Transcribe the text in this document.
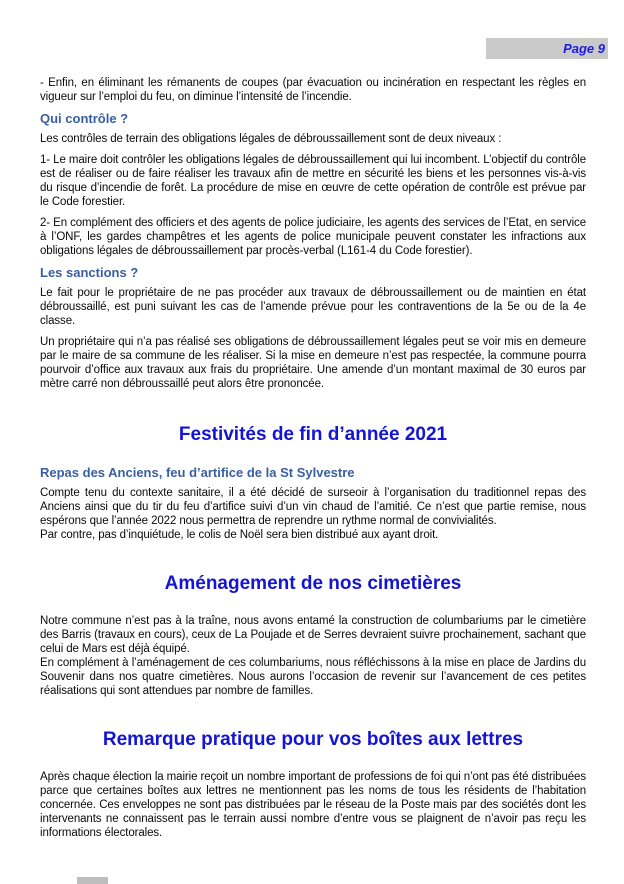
Page 9

- Enfin, en éliminant les rémanents de coupes (par évacuation ou incinération en respectant les règles en vigueur sur l’emploi du feu, on diminue l’intensité de l’incendie.

Qui contrôle ?

Les contrôles de terrain des obligations légales de débroussaillement sont de deux niveaux :

1- Le maire doit contrôler les obligations légales de débroussaillement qui lui incombent. L’objectif du contrôle est de réaliser ou de faire réaliser les travaux afin de mettre en sécurité les biens et les personnes vis-à-vis du risque d’incendie de forêt. La procédure de mise en œuvre de cette opération de contrôle est prévue par le Code forestier.

2- En complément des officiers et des agents de police judiciaire, les agents des services de l’Etat, en service à l’ONF, les gardes champêtres et les agents de police municipale peuvent constater les infractions aux obligations légales de débroussaillement par procès-verbal (L161-4 du Code forestier).

Les sanctions ?

Le fait pour le propriétaire de ne pas procéder aux travaux de débroussaillement ou de maintien en état débroussaillé, est puni suivant les cas de l’amende prévue pour les contraventions de la 5e ou de la 4e classe.

Un propriétaire qui n’a pas réalisé ses obligations de débroussaillement légales peut se voir mis en demeure par le maire de sa commune de les réaliser. Si la mise en demeure n’est pas respectée, la commune pourra pourvoir d’office aux travaux aux frais du propriétaire. Une amende d’un montant maximal de 30 euros par mètre carré non débroussaillé peut alors être prononcée.

Festivités de fin d’année 2021
Repas des Anciens, feu d’artifice de la St Sylvestre

Compte tenu du contexte sanitaire, il a été décidé de surseoir à l’organisation du traditionnel repas des Anciens ainsi que du tir du feu d’artifice suivi d’un vin chaud de l’amitié. Ce n’est que partie remise, nous espérons que l’année 2022 nous permettra de reprendre un rythme normal de convivialités.

Par contre, pas d’inquiétude, le colis de Noël sera bien distribué aux ayant droit.

Aménagement de nos cimetières

Notre commune n’est pas à la traîne, nous avons entamé la construction de columbariums par le cimetière des Barris (travaux en cours), ceux de La Poujade et de Serres devraient suivre prochainement, sachant que celui de Mars est déjà équipé.

En complément à l’aménagement de ces columbariums, nous réfléchissons à la mise en place de Jardins du Souvenir dans nos quatre cimetières. Nous aurons l’occasion de revenir sur l’avancement de ces petites réalisations qui sont attendues par nombre de familles.

Remarque pratique pour vos boîtes aux lettres

Après chaque élection la mairie reçoit un nombre important de professions de foi qui n’ont pas été distribuées parce que certaines boîtes aux lettres ne mentionnent pas les noms de tous les résidents de l’habitation concernée. Ces enveloppes ne sont pas distribuées par le réseau de la Poste mais par des sociétés dont les intervenants ne connaissent pas le terrain aussi nombre d’entre vous se plaignent de n’avoir pas reçu les informations électorales.
